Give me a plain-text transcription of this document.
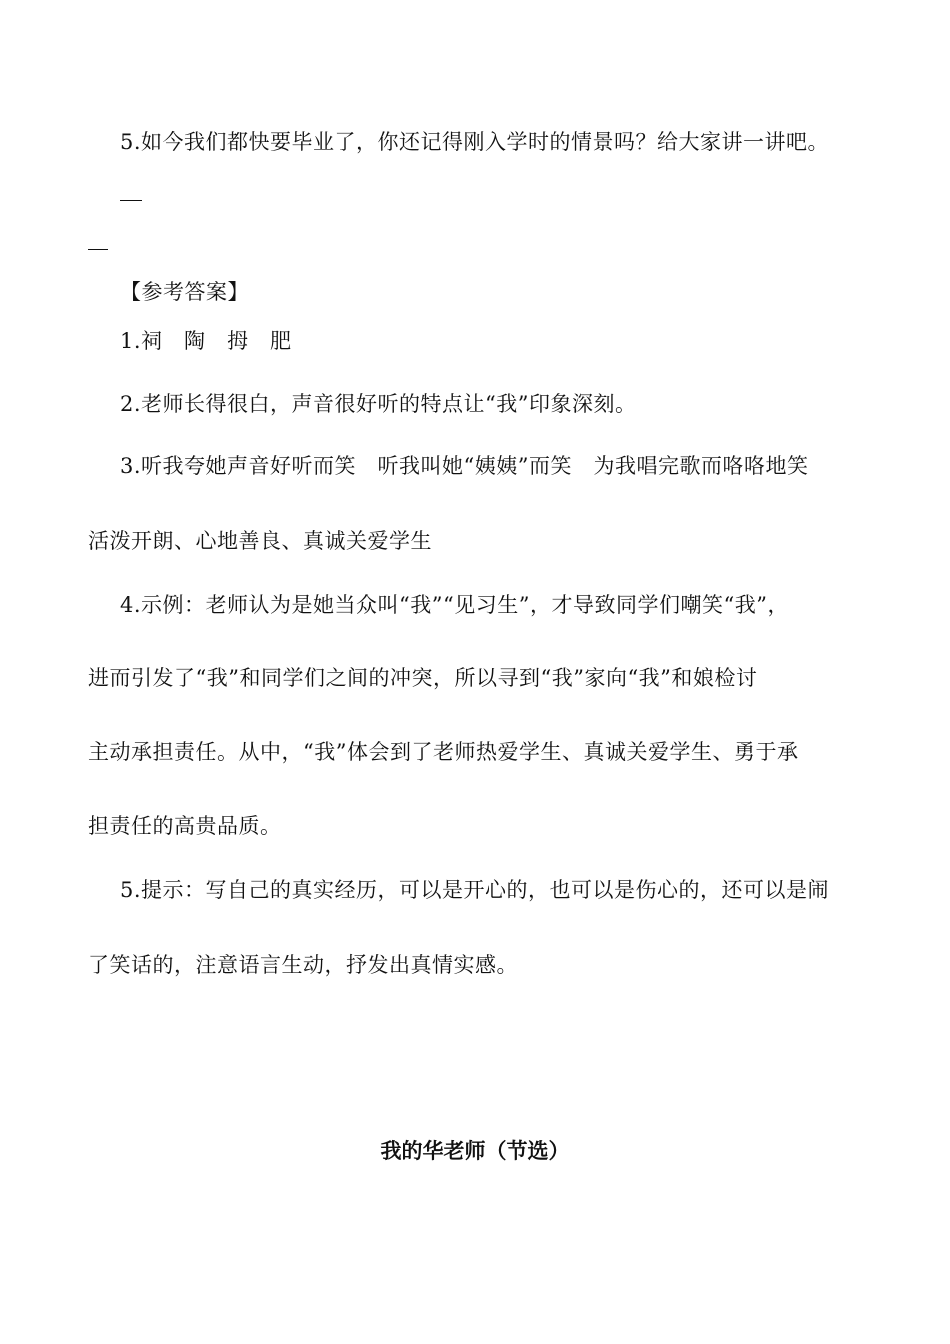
5.如今我们都快要毕业了，你还记得刚入学时的情景吗？给大家讲一讲吧。
【参考答案】
1.祠　陶　拇　肥
2.老师长得很白，声音很好听的特点让“我”印象深刻。
3.听我夸她声音好听而笑　听我叫她“姨姨”而笑　为我唱完歌而咯咯地笑
活泼开朗、心地善良、真诚关爱学生
4.示例：老师认为是她当众叫“我”“见习生”，才导致同学们嘲笑“我”，
进而引发了“我”和同学们之间的冲突，所以寻到“我”家向“我”和娘检讨
主动承担责任。从中，“我”体会到了老师热爱学生、真诚关爱学生、勇于承
担责任的高贵品质。
5.提示：写自己的真实经历，可以是开心的，也可以是伤心的，还可以是闹
了笑话的，注意语言生动，抒发出真情实感。
我的华老师（节选）
